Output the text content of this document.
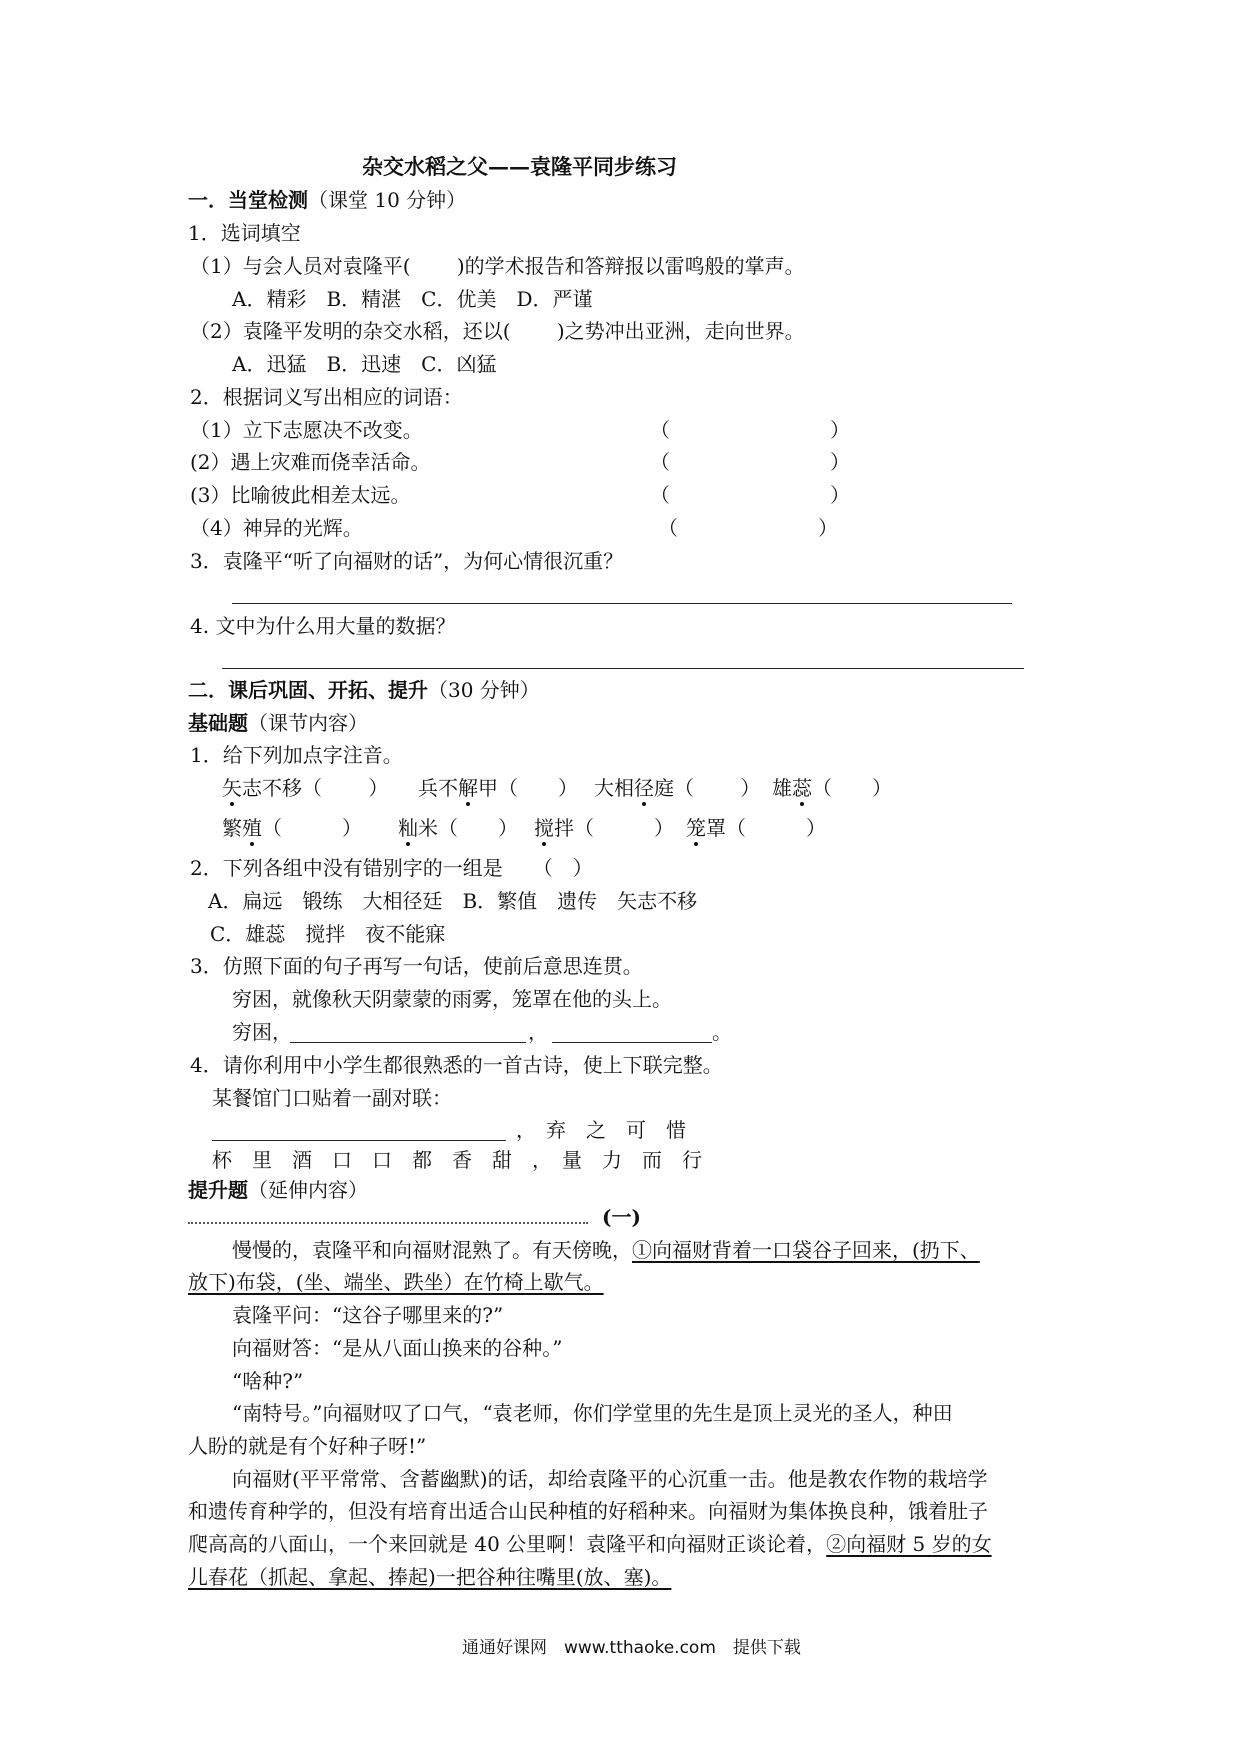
杂交水稻之父——袁隆平同步练习
一．当堂检测（课堂 10 分钟）
1．选词填空
（1）与会人员对袁隆平(　 　)的学术报告和答辩报以雷鸣般的掌声。
A．精彩　B．精湛　C．优美　D．严谨
（2）袁隆平发明的杂交水稻，还以(　 　)之势冲出亚洲，走向世界。
A．迅猛　B．迅速　C．凶猛
2．根据词义写出相应的词语：
（1）立下志愿决不改变。	（　　　　　　　　）
(2）遇上灾难而侥幸活命。	（　　　　　　　　）
(3）比喻彼此相差太远。	（　　　　　　　　）
（4）神异的光辉。	（　　　　　　　）
3．袁隆平“听了向福财的话”，为何心情很沉重？
4. 文中为什么用大量的数据？
二．课后巩固、开拓、提升（30 分钟）
基础题（课节内容）
1．给下列加点字注音。
矢志不移（　　 ） 兵不解甲（　　） 大相径庭（　　 ） 雄蕊（　　）
繁殖（　　　） 籼米（　　） 搅拌（　　　） 笼罩（　　　）
2．下列各组中没有错别字的一组是　　（　）
A．扁远　锻练　大相径廷　B．繁值　遗传　矢志不移
C．雄蕊　搅拌　夜不能寐
3．仿照下面的句子再写一句话，使前后意思连贯。
穷困，就像秋天阴蒙蒙的雨雾，笼罩在他的头上。
穷困，	，	。
4．请你利用中小学生都很熟悉的一首古诗，使上下联完整。
某餐馆门口贴着一副对联：
，　弃　之　可　惜
杯　里　酒　口　口　都　香　甜　，　量　力　而　行
提升题（延伸内容）
(一)
慢慢的，袁隆平和向福财混熟了。有天傍晚，①向福财背着一口袋谷子回来，(扔下、
放下)布袋，(坐、端坐、跌坐）在竹椅上歇气。
袁隆平问：“这谷子哪里来的?”
向福财答：“是从八面山换来的谷种。”
“啥种?”
“南特号。”向福财叹了口气，“袁老师，你们学堂里的先生是顶上灵光的圣人，种田
人盼的就是有个好种子呀!”
向福财(平平常常、含蓄幽默)的话，却给袁隆平的心沉重一击。他是教农作物的栽培学
和遗传育种学的，但没有培育出适合山民种植的好稻种来。向福财为集体换良种，饿着肚子
爬高高的八面山，一个来回就是 40 公里啊！袁隆平和向福财正谈论着，②向福财 5 岁的女
儿春花（抓起、拿起、捧起)一把谷种往嘴里(放、塞)。
通通好课网　www.tthaoke.com　提供下载
